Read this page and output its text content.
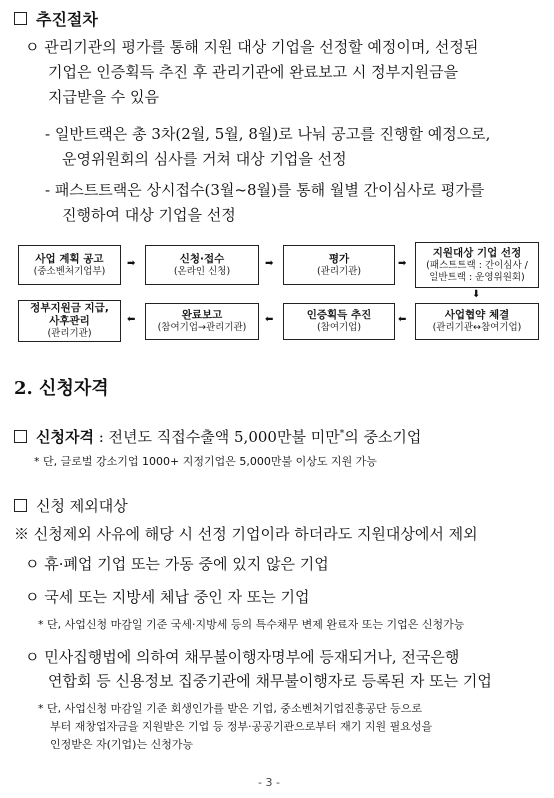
추진절차
ㅇ 관리기관의 평가를 통해 지원 대상 기업을 선정할 예정이며, 선정된
기업은 인증획득 추진 후 관리기관에 완료보고 시 정부지원금을
지급받을 수 있음
- 일반트랙은 총 3차(2월, 5월, 8월)로 나눠 공고를 진행할 예정으로,
운영위원회의 심사를 거쳐 대상 기업을 선정
- 패스트트랙은 상시접수(3월~8월)를 통해 월별 간이심사로 평가를
진행하여 대상 기업을 선정
사업 계획 공고
(중소벤처기업부)
➡	신청·접수
(온라인 신청)
➡	평가
(관리기관)
➡
지원대상 기업 선정
(패스트트랙 : 간이심사 /
일반트랙 : 운영위원회)
⬇
정부지원금 지급,
사후관리
(관리기관)
⬅	완료보고
(참여기업→관리기관)
⬅	인증획득 추진
(참여기업)
⬅	사업협약 체결
(관리기관↔참여기업)
2. 신청자격
신청자격 : 전년도 직접수출액 5,000만불 미만*의 중소기업
* 단, 글로벌 강소기업 1000+ 지정기업은 5,000만불 이상도 지원 가능
신청 제외대상
※ 신청제외 사유에 해당 시 선정 기업이라 하더라도 지원대상에서 제외
ㅇ 휴·폐업 기업 또는 가동 중에 있지 않은 기업
ㅇ 국세 또는 지방세 체납 중인 자 또는 기업
* 단, 사업신청 마감일 기준 국세·지방세 등의 특수채무 변제 완료자 또는 기업은 신청가능
ㅇ 민사집행법에 의하여 채무불이행자명부에 등재되거나, 전국은행
연합회 등 신용정보 집중기관에 채무불이행자로 등록된 자 또는 기업
* 단, 사업신청 마감일 기준 회생인가를 받은 기업, 중소벤처기업진흥공단 등으로
부터 재창업자금을 지원받은 기업 등 정부·공공기관으로부터 재기 지원 필요성을
인정받은 자(기업)는 신청가능
- 3 -
